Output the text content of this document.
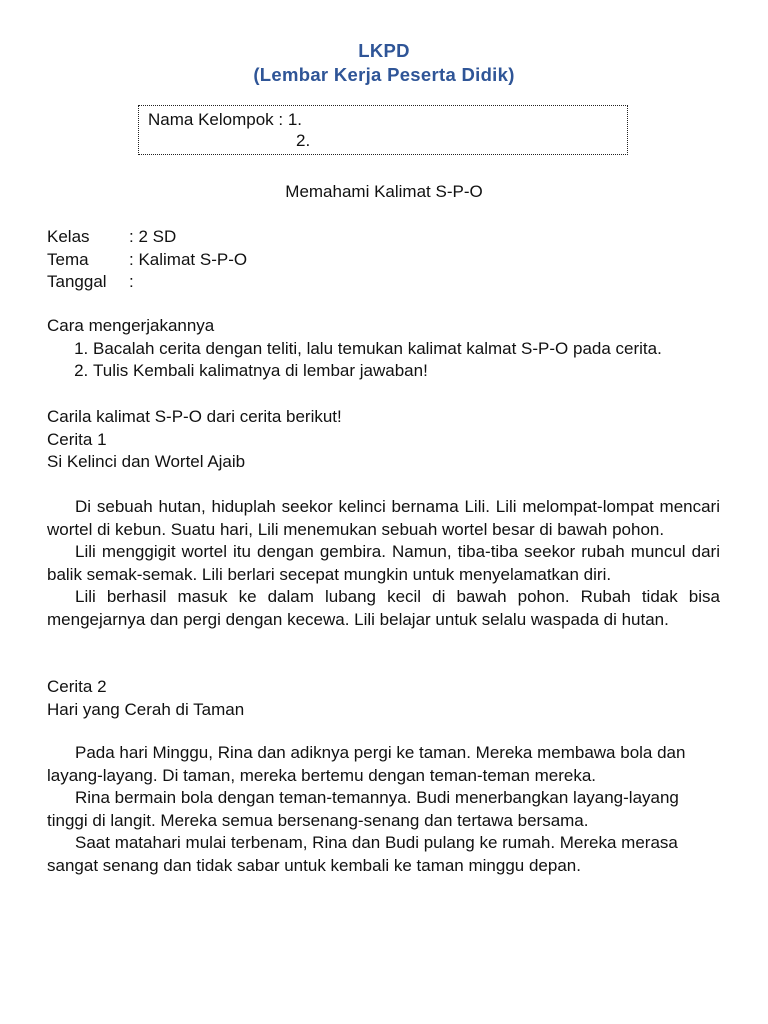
LKPD
(Lembar Kerja Peserta Didik)
Nama Kelompok : 1.
2.
Memahami Kalimat S-P-O
Kelas	: 2 SD
Tema	: Kalimat S-P-O
Tanggal	:
Cara mengerjakannya
1. Bacalah cerita dengan teliti, lalu temukan kalimat kalmat S-P-O pada cerita.
2. Tulis Kembali kalimatnya di lembar jawaban!
Carila kalimat S-P-O dari cerita berikut!
Cerita 1
Si Kelinci dan Wortel Ajaib

Di sebuah hutan, hiduplah seekor kelinci bernama Lili. Lili melompat-lompat mencari wortel di kebun. Suatu hari, Lili menemukan sebuah wortel besar di bawah pohon.

Lili menggigit wortel itu dengan gembira. Namun, tiba-tiba seekor rubah muncul dari balik semak-semak. Lili berlari secepat mungkin untuk menyelamatkan diri.

Lili berhasil masuk ke dalam lubang kecil di bawah pohon. Rubah tidak bisa mengejarnya dan pergi dengan kecewa. Lili belajar untuk selalu waspada di hutan.

Cerita 2
Hari yang Cerah di Taman

Pada hari Minggu, Rina dan adiknya pergi ke taman. Mereka membawa bola dan layang-layang. Di taman, mereka bertemu dengan teman-teman mereka.

Rina bermain bola dengan teman-temannya. Budi menerbangkan layang-layang tinggi di langit. Mereka semua bersenang-senang dan tertawa bersama.

Saat matahari mulai terbenam, Rina dan Budi pulang ke rumah. Mereka merasa sangat senang dan tidak sabar untuk kembali ke taman minggu depan.
